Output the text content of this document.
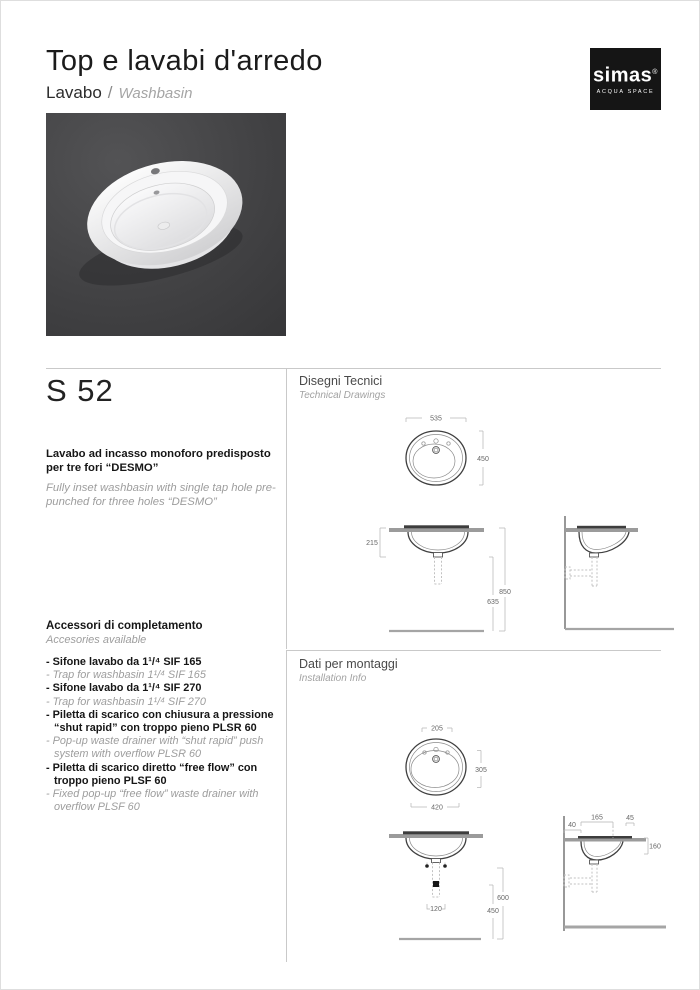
Top e lavabi d'arredo
Lavabo / Washbasin
simas®
ACQUA SPACE
S 52
Lavabo ad incasso monoforo predisposto per tre fori “DESMO”
Fully inset washbasin with single tap hole pre-punched for three holes “DESMO”
Accessori di completamento
Accesories available
- Sifone lavabo da 1¹/⁴ SIF 165
- Trap for washbasin 1¹/⁴ SIF 165
- Sifone lavabo da 1¹/⁴ SIF 270
- Trap for washbasin 1¹/⁴ SIF 270
- Piletta di scarico con chiusura a pressione “shut rapid” con troppo pieno PLSR 60
- Pop-up waste drainer with “shut rapid” push system with overflow PLSR 60
- Piletta di scarico diretto “free flow” con troppo pieno PLSF 60
- Fixed pop-up “free flow” waste drainer with overflow PLSF 60
Disegni Tecnici
Technical Drawings
Dati per montaggi
Installation Info
535
450
215
850
635
205
305
420
120
600
450
40
165	45
160
